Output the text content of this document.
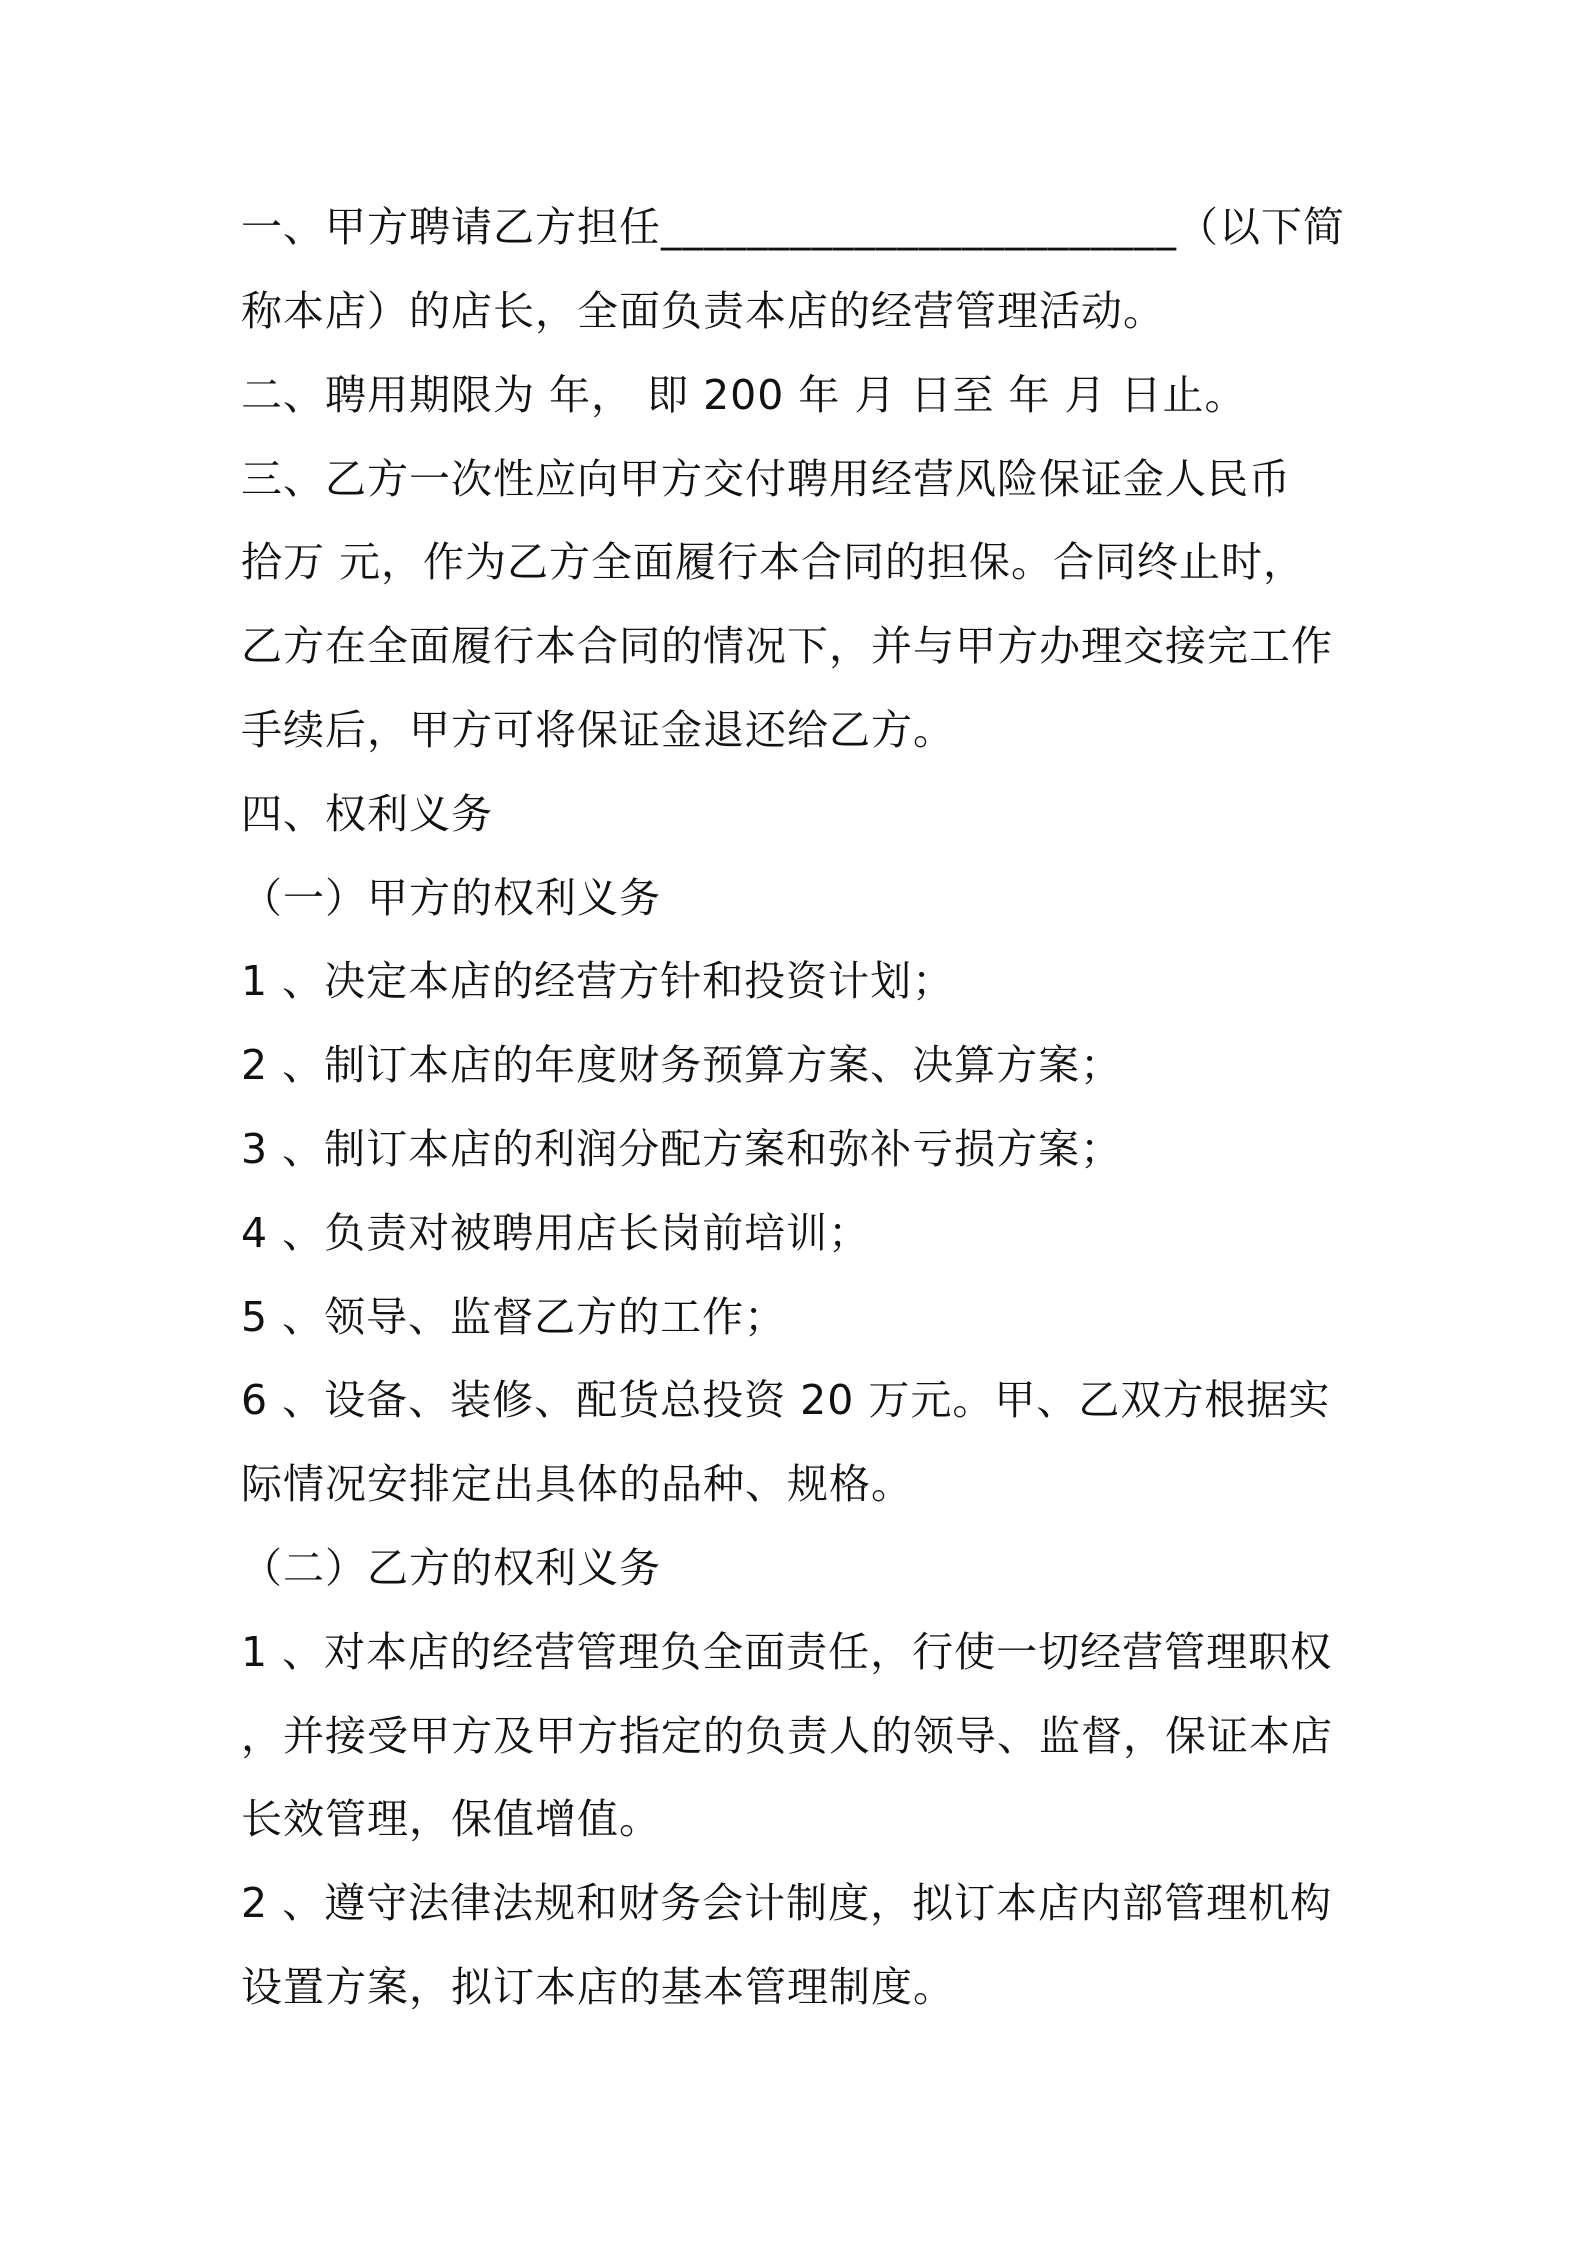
一、甲方聘请乙方担任________________________（以下简
称本店）的店长，全面负责本店的经营管理活动。
二、聘用期限为 年， 即 200 年 月 日至 年 月 日止。
三、乙方一次性应向甲方交付聘用经营风险保证金人民币
拾万 元，作为乙方全面履行本合同的担保。合同终止时，
乙方在全面履行本合同的情况下，并与甲方办理交接完工作
手续后，甲方可将保证金退还给乙方。
四、权利义务
（一）甲方的权利义务
1 、决定本店的经营方针和投资计划；
2 、制订本店的年度财务预算方案、决算方案；
3 、制订本店的利润分配方案和弥补亏损方案；
4 、负责对被聘用店长岗前培训；
5 、领导、监督乙方的工作；
6 、设备、装修、配货总投资 20 万元。甲、乙双方根据实
际情况安排定出具体的品种、规格。
（二）乙方的权利义务
1 、对本店的经营管理负全面责任，行使一切经营管理职权
，并接受甲方及甲方指定的负责人的领导、监督，保证本店
长效管理，保值增值。
2 、遵守法律法规和财务会计制度，拟订本店内部管理机构
设置方案，拟订本店的基本管理制度。
